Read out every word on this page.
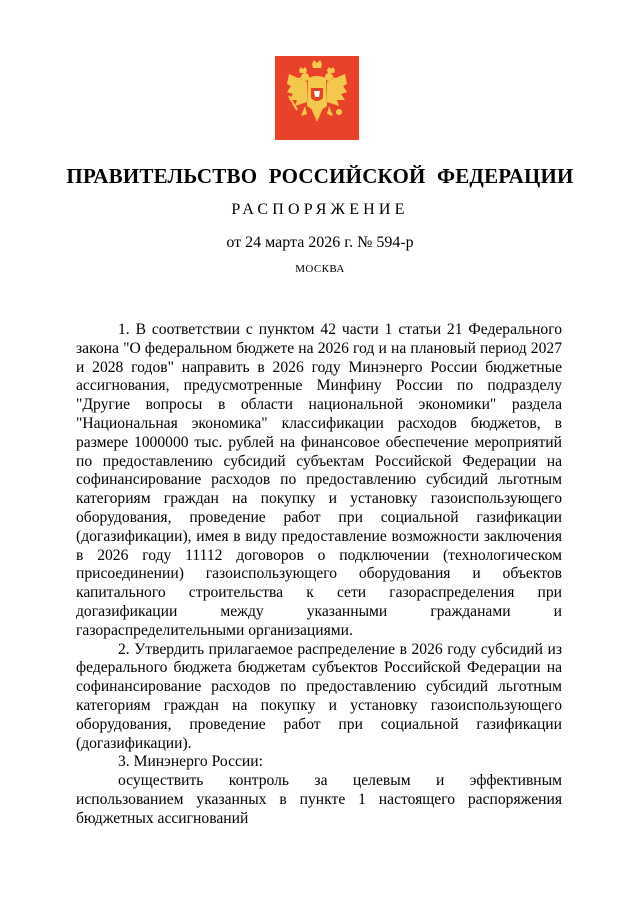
ПРАВИТЕЛЬСТВО РОССИЙСКОЙ ФЕДЕРАЦИИ
РАСПОРЯЖЕНИЕ
от 24 марта 2026 г. № 594-р
МОСКВА

1. В соответствии с пунктом 42 части 1 статьи 21 Федерального закона "О федеральном бюджете на 2026 год и на плановый период 2027 и 2028 годов" направить в 2026 году Минэнерго России бюджетные ассигнования, предусмотренные Минфину России по подразделу "Другие вопросы в области национальной экономики" раздела "Национальная экономика" классификации расходов бюджетов, в размере 1000000 тыс. рублей на финансовое обеспечение мероприятий по предоставлению субсидий субъектам Российской Федерации на софинансирование расходов по предоставлению субсидий льготным категориям граждан на покупку и установку газоиспользующего оборудования, проведение работ при социальной газификации (догазификации), имея в виду предоставление возможности заключения в 2026 году 11112 договоров о подключении (технологическом присоединении) газоиспользующего оборудования и объектов капитального строительства к сети газораспределения при догазификации между указанными гражданами и газораспределительными организациями.

2. Утвердить прилагаемое распределение в 2026 году субсидий из федерального бюджета бюджетам субъектов Российской Федерации на софинансирование расходов по предоставлению субсидий льготным категориям граждан на покупку и установку газоиспользующего оборудования, проведение работ при социальной газификации (догазификации).

3. Минэнерго России:

осуществить контроль за целевым и эффективным использованием указанных в пункте 1 настоящего распоряжения бюджетных ассигнований
